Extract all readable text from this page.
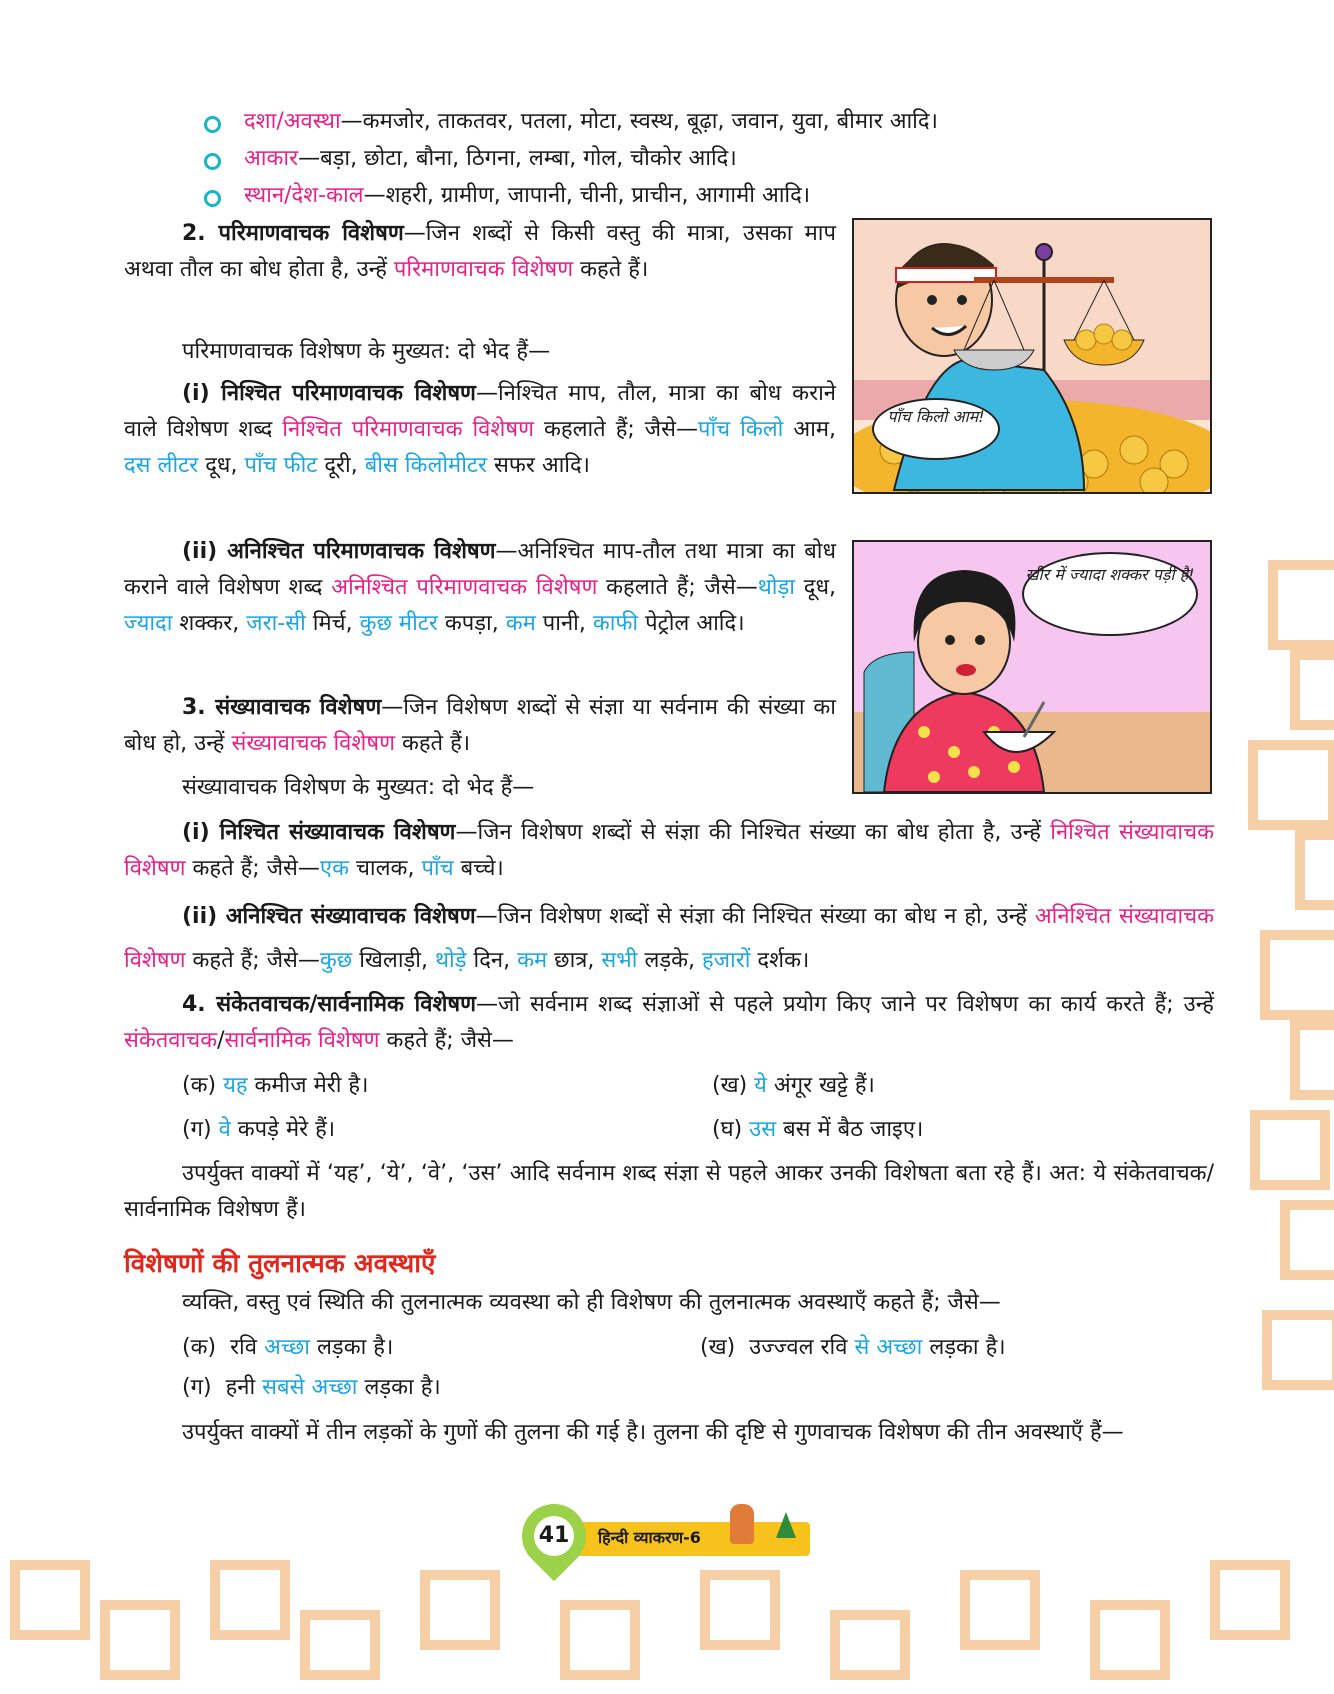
दशा/अवस्था—कमजोर, ताकतवर, पतला, मोटा, स्वस्थ, बूढ़ा, जवान, युवा, बीमार आदि।

आकार—बड़ा, छोटा, बौना, ठिगना, लम्बा, गोल, चौकोर आदि।

स्थान/देश-काल—शहरी, ग्रामीण, जापानी, चीनी, प्राचीन, आगामी आदि।

2. परिमाणवाचक विशेषण—जिन शब्दों से किसी वस्तु की मात्रा, उसका माप अथवा तौल का बोध होता है, उन्हें परिमाणवाचक विशेषण कहते हैं।

परिमाणवाचक विशेषण के मुख्यत: दो भेद हैं—

(i) निश्चित परिमाणवाचक विशेषण—निश्चित माप, तौल, मात्रा का बोध कराने वाले विशेषण शब्द निश्चित परिमाणवाचक विशेषण कहलाते हैं; जैसे—पाँच किलो आम, दस लीटर दूध, पाँच फीट दूरी, बीस किलोमीटर सफर आदि।
(ii) अनिश्चित परिमाणवाचक विशेषण—अनिश्चित माप-तौल तथा मात्रा का बोध कराने वाले विशेषण शब्द अनिश्चित परिमाणवाचक विशेषण कहलाते हैं; जैसे—थोड़ा दूध, ज्यादा शक्कर, जरा-सी मिर्च, कुछ मीटर कपड़ा, कम पानी, काफी पेट्रोल आदि।
3. संख्यावाचक विशेषण—जिन विशेषण शब्दों से संज्ञा या सर्वनाम की संख्या का बोध हो, उन्हें संख्यावाचक विशेषण कहते हैं।

संख्यावाचक विशेषण के मुख्यत: दो भेद हैं—

(i) निश्चित संख्यावाचक विशेषण—जिन विशेषण शब्दों से संज्ञा की निश्चित संख्या का बोध होता है, उन्हें निश्चित संख्यावाचक विशेषण कहते हैं; जैसे—एक चालक, पाँच बच्चे।
(ii) अनिश्चित संख्यावाचक विशेषण—जिन विशेषण शब्दों से संज्ञा की निश्चित संख्या का बोध न हो, उन्हें अनिश्चित संख्यावाचक विशेषण कहते हैं; जैसे—कुछ खिलाड़ी, थोड़े दिन, कम छात्र, सभी लड़के, हजारों दर्शक।
4. संकेतवाचक/सार्वनामिक विशेषण—जो सर्वनाम शब्द संज्ञाओं से पहले प्रयोग किए जाने पर विशेषण का कार्य करते हैं; उन्हें संकेतवाचक/सार्वनामिक विशेषण कहते हैं; जैसे—

(क) यह कमीज मेरी है।	(ख) ये अंगूर खट्टे हैं।

(ग) वे कपड़े मेरे हैं।	(घ) उस बस में बैठ जाइए।

उपर्युक्त वाक्यों में ‘यह’, ‘ये’, ‘वे’, ‘उस’ आदि सर्वनाम शब्द संज्ञा से पहले आकर उनकी विशेषता बता रहे हैं। अत: ये संकेतवाचक/सार्वनामिक विशेषण हैं।
विशेषणों की तुलनात्मक अवस्थाएँ
व्यक्ति, वस्तु एवं स्थिति की तुलनात्मक व्यवस्था को ही विशेषण की तुलनात्मक अवस्थाएँ कहते हैं; जैसे—

(क) रवि अच्छा लड़का है।	(ख) उज्ज्वल रवि से अच्छा लड़का है।

(ग) हनी सबसे अच्छा लड़का है।

उपर्युक्त वाक्यों में तीन लड़कों के गुणों की तुलना की गई है। तुलना की दृष्टि से गुणवाचक विशेषण की तीन अवस्थाएँ हैं—
पाँच किलो आम!
खीर में ज्यादा शक्कर पड़ी है!
41 हिन्दी व्याकरण-6
